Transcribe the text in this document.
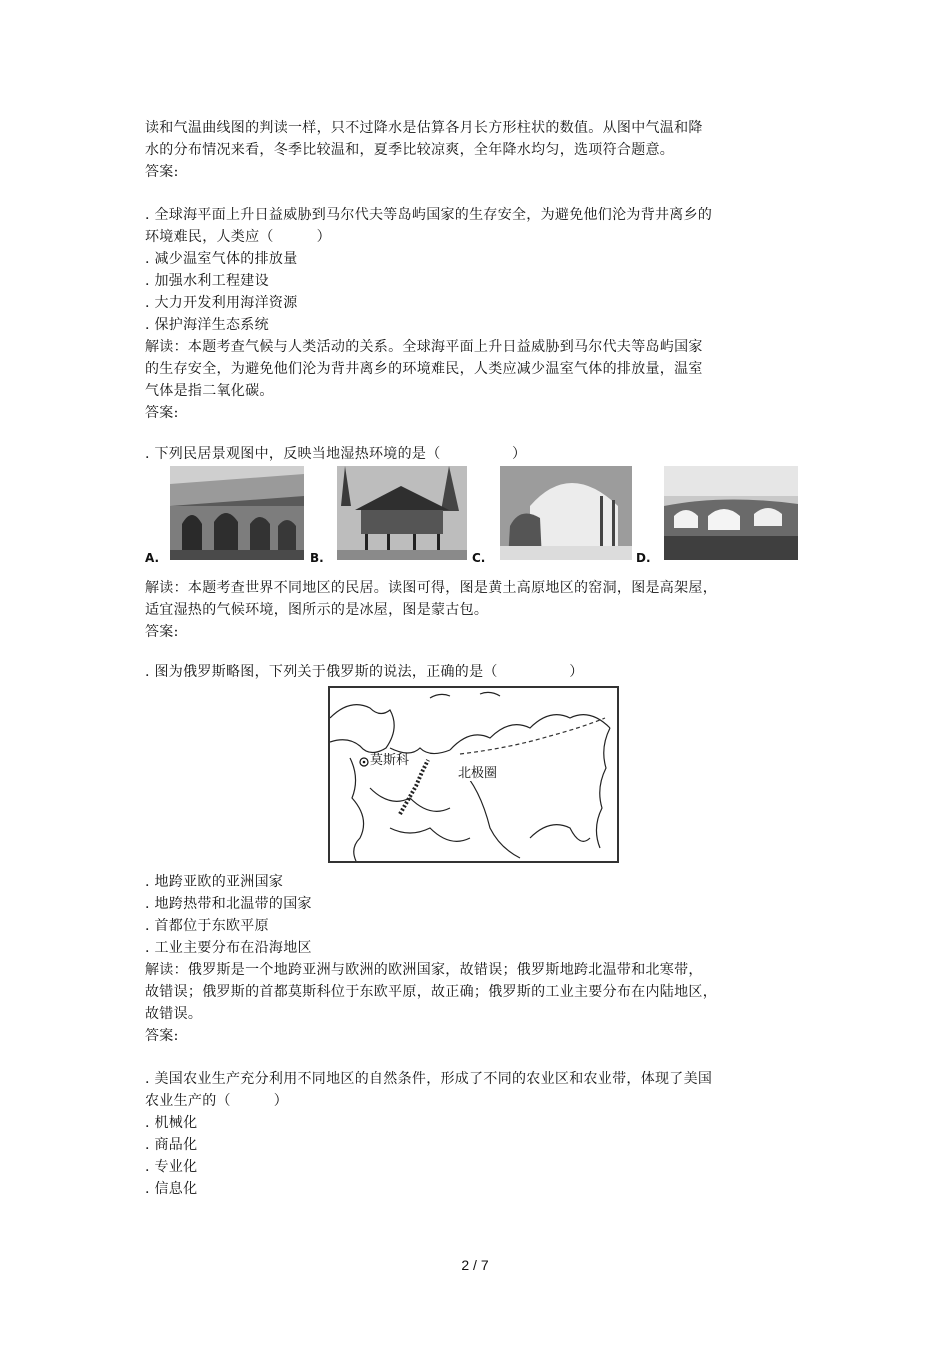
读和气温曲线图的判读一样，只不过降水是估算各月长方形柱状的数值。从图中气温和降
水的分布情况来看，冬季比较温和，夏季比较凉爽，全年降水均匀，选项符合题意。
答案:
. 全球海平面上升日益威胁到马尔代夫等岛屿国家的生存安全，为避免他们沦为背井离乡的
环境难民，人类应（　　　）
. 减少温室气体的排放量
. 加强水利工程建设
. 大力开发利用海洋资源
. 保护海洋生态系统
解读：本题考查气候与人类活动的关系。全球海平面上升日益威胁到马尔代夫等岛屿国家
的生存安全，为避免他们沦为背井离乡的环境难民，人类应减少温室气体的排放量，温室
气体是指二氧化碳。
答案:
. 下列民居景观图中，反映当地湿热环境的是（　　　　　）
A.	B.	C.	D.
解读：本题考查世界不同地区的民居。读图可得，图是黄土高原地区的窑洞，图是高架屋，
适宜湿热的气候环境，图所示的是冰屋，图是蒙古包。
答案:
. 图为俄罗斯略图，下列关于俄罗斯的说法，正确的是（　　　　　）
莫斯科
北极圈
. 地跨亚欧的亚洲国家
. 地跨热带和北温带的国家
. 首都位于东欧平原
. 工业主要分布在沿海地区
解读：俄罗斯是一个地跨亚洲与欧洲的欧洲国家，故错误；俄罗斯地跨北温带和北寒带，
故错误；俄罗斯的首都莫斯科位于东欧平原，故正确；俄罗斯的工业主要分布在内陆地区，
故错误。
答案:
. 美国农业生产充分利用不同地区的自然条件，形成了不同的农业区和农业带，体现了美国
农业生产的（　　　）
. 机械化
. 商品化
. 专业化
. 信息化
2 / 7
